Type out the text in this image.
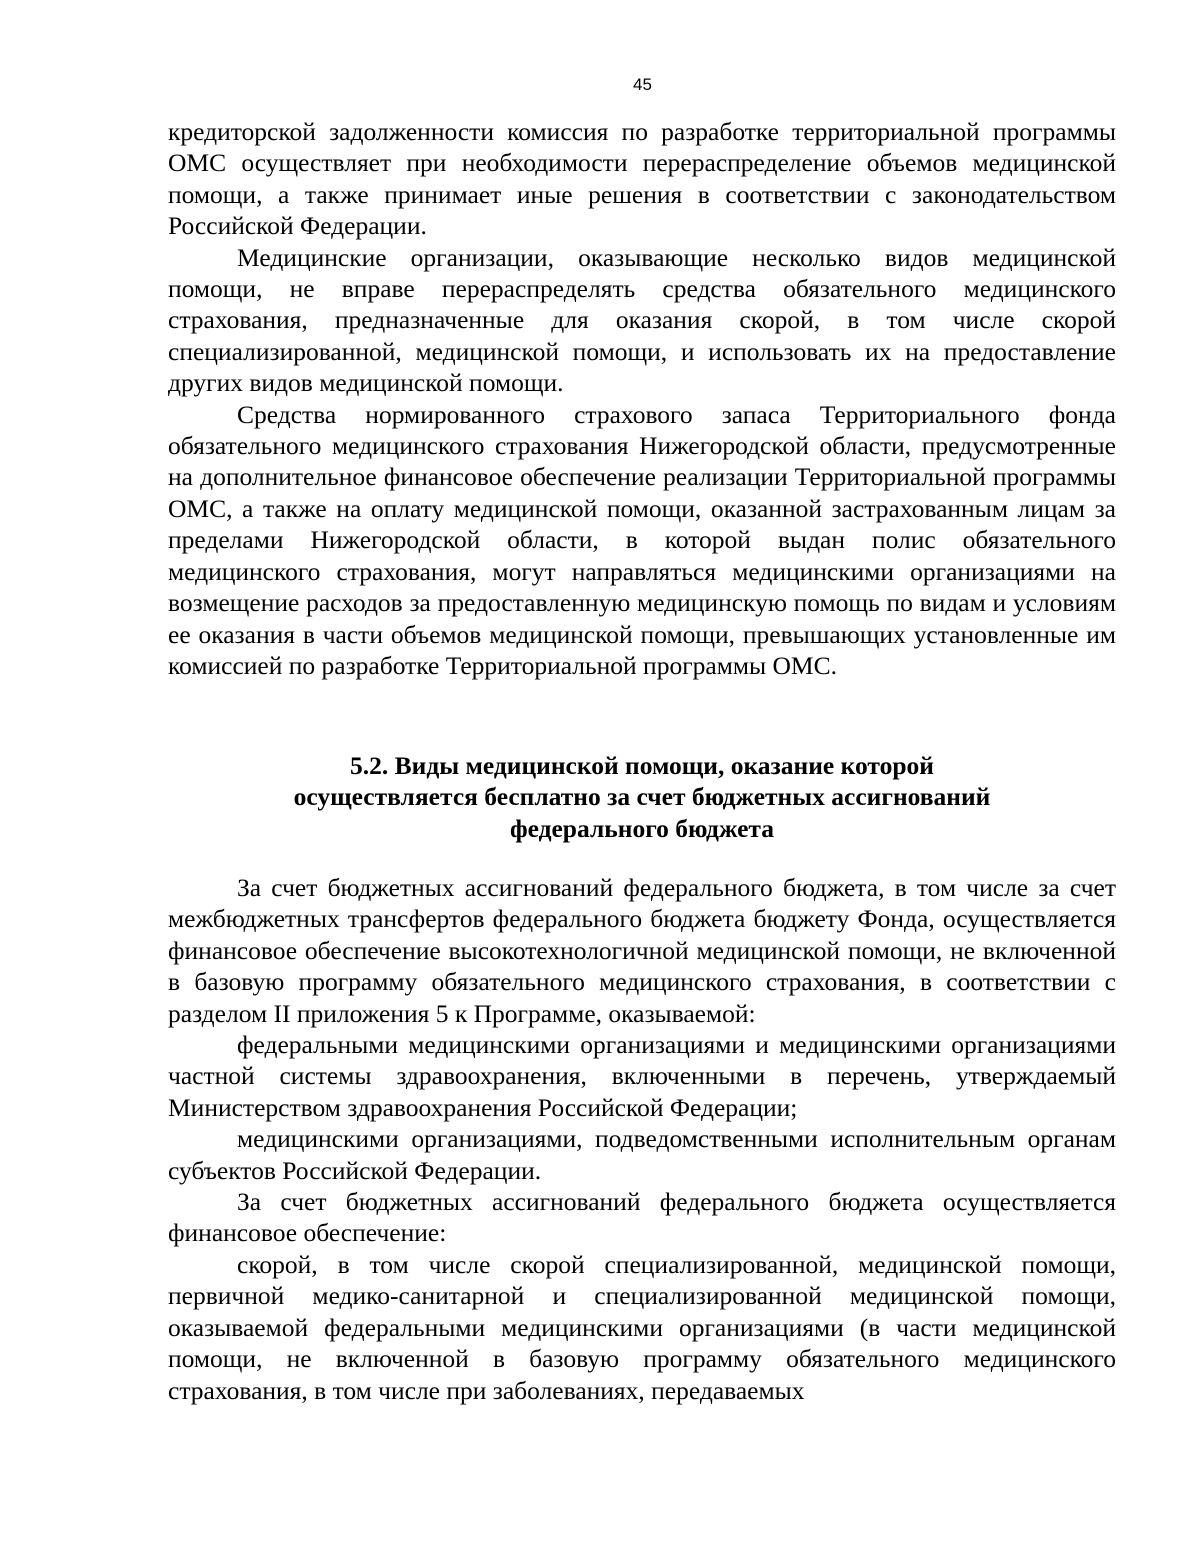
45

кредиторской задолженности комиссия по разработке территориальной программы ОМС осуществляет при необходимости перераспределение объемов медицинской помощи, а также принимает иные решения в соответствии с законодательством Российской Федерации.

Медицинские организации, оказывающие несколько видов медицинской помощи, не вправе перераспределять средства обязательного медицинского страхования, предназначенные для оказания скорой, в том числе скорой специализированной, медицинской помощи, и использовать их на предоставление других видов медицинской помощи.

Средства нормированного страхового запаса Территориального фонда обязательного медицинского страхования Нижегородской области, предусмотренные на дополнительное финансовое обеспечение реализации Территориальной программы ОМС, а также на оплату медицинской помощи, оказанной застрахованным лицам за пределами Нижегородской области, в которой выдан полис обязательного медицинского страхования, могут направляться медицинскими организациями на возмещение расходов за предоставленную медицинскую помощь по видам и условиям ее оказания в части объемов медицинской помощи, превышающих установленные им комиссией по разработке Территориальной программы ОМС.

5.2. Виды медицинской помощи, оказание которой
осуществляется бесплатно за счет бюджетных ассигнований
федерального бюджета

За счет бюджетных ассигнований федерального бюджета, в том числе за счет межбюджетных трансфертов федерального бюджета бюджету Фонда, осуществляется финансовое обеспечение высокотехнологичной медицинской помощи, не включенной в базовую программу обязательного медицинского страхования, в соответствии с разделом II приложения 5 к Программе, оказываемой:

федеральными медицинскими организациями и медицинскими организациями частной системы здравоохранения, включенными в перечень, утверждаемый Министерством здравоохранения Российской Федерации;

медицинскими организациями, подведомственными исполнительным органам субъектов Российской Федерации.

За счет бюджетных ассигнований федерального бюджета осуществляется финансовое обеспечение:

скорой, в том числе скорой специализированной, медицинской помощи, первичной медико-санитарной и специализированной медицинской помощи, оказываемой федеральными медицинскими организациями (в части медицинской помощи, не включенной в базовую программу обязательного медицинского страхования, в том числе при заболеваниях, передаваемых
